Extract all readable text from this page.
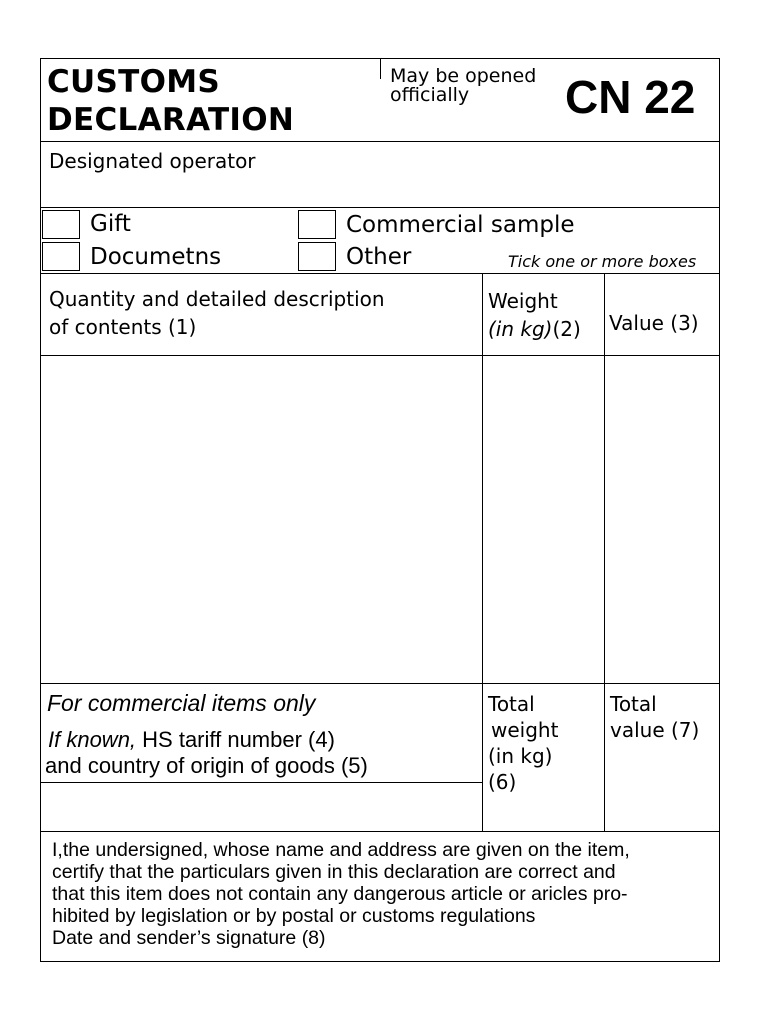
CUSTOMS
DECLARATION
May be opened
officially	CN 22
Designated operator
Gift
Documetns
Commercial sample
Other	Tick one or more boxes
Quantity and detailed description
of contents (1)
Weight
(in kg)(2) Value (3)
For commercial items only
If known, HS tariff number (4)
and country of origin of goods (5)
Total
weight
(in kg)
(6)
Total
value (7)
I,the undersigned, whose name and address are given on the item,
certify that the particulars given in this declaration are correct and
that this item does not contain any dangerous article or aricles pro-
hibited by legislation or by postal or customs regulations
Date and sender’s signature (8)
